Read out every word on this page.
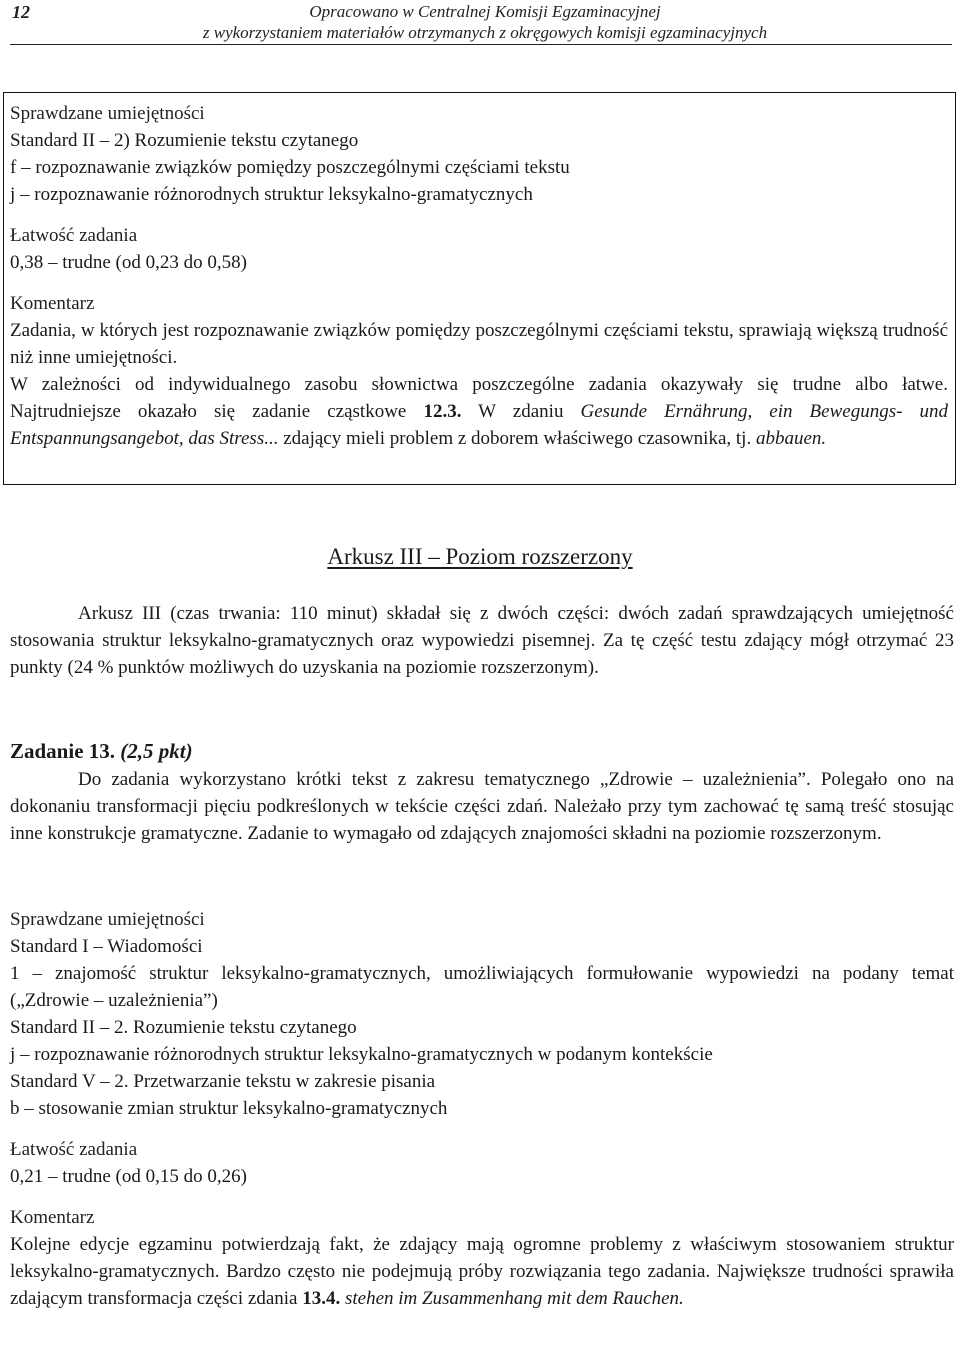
12	Opracowano w Centralnej Komisji Egzaminacyjnej
z wykorzystaniem materiałów otrzymanych z okręgowych komisji egzaminacyjnych
Sprawdzane umiejętności
Standard II – 2) Rozumienie tekstu czytanego
f – rozpoznawanie związków pomiędzy poszczególnymi częściami tekstu
j – rozpoznawanie różnorodnych struktur leksykalno-gramatycznych
Łatwość zadania
0,38 – trudne (od 0,23 do 0,58)
Komentarz
Zadania, w których jest rozpoznawanie związków pomiędzy poszczególnymi częściami tekstu, sprawiają większą trudność niż inne umiejętności.
W zależności od indywidualnego zasobu słownictwa poszczególne zadania okazywały się trudne albo łatwe. Najtrudniejsze okazało się zadanie cząstkowe 12.3. W zdaniu Gesunde Ernährung, ein Bewegungs- und Entspannungsangebot, das Stress... zdający mieli problem z doborem właściwego czasownika, tj. abbauen.
Arkusz III – Poziom rozszerzony
Arkusz III (czas trwania: 110 minut) składał się z dwóch części: dwóch zadań sprawdzających umiejętność stosowania struktur leksykalno-gramatycznych oraz wypowiedzi pisemnej. Za tę część testu zdający mógł otrzymać 23 punkty (24 % punktów możliwych do uzyskania na poziomie rozszerzonym).
Zadanie 13. (2,5 pkt)
Do zadania wykorzystano krótki tekst z zakresu tematycznego „Zdrowie – uzależnienia”. Polegało ono na dokonaniu transformacji pięciu podkreślonych w tekście części zdań. Należało przy tym zachować tę samą treść stosując inne konstrukcje gramatyczne. Zadanie to wymagało od zdających znajomości składni na poziomie rozszerzonym.
Sprawdzane umiejętności
Standard I – Wiadomości
1 – znajomość struktur leksykalno-gramatycznych, umożliwiających formułowanie wypowiedzi na podany temat („Zdrowie – uzależnienia”)
Standard II – 2. Rozumienie tekstu czytanego
j – rozpoznawanie różnorodnych struktur leksykalno-gramatycznych w podanym kontekście
Standard V – 2. Przetwarzanie tekstu w zakresie pisania
b – stosowanie zmian struktur leksykalno-gramatycznych
Łatwość zadania
0,21 – trudne (od 0,15 do 0,26)
Komentarz
Kolejne edycje egzaminu potwierdzają fakt, że zdający mają ogromne problemy z właściwym stosowaniem struktur leksykalno-gramatycznych. Bardzo często nie podejmują próby rozwiązania tego zadania. Największe trudności sprawiła zdającym transformacja części zdania 13.4. stehen im Zusammenhang mit dem Rauchen.
